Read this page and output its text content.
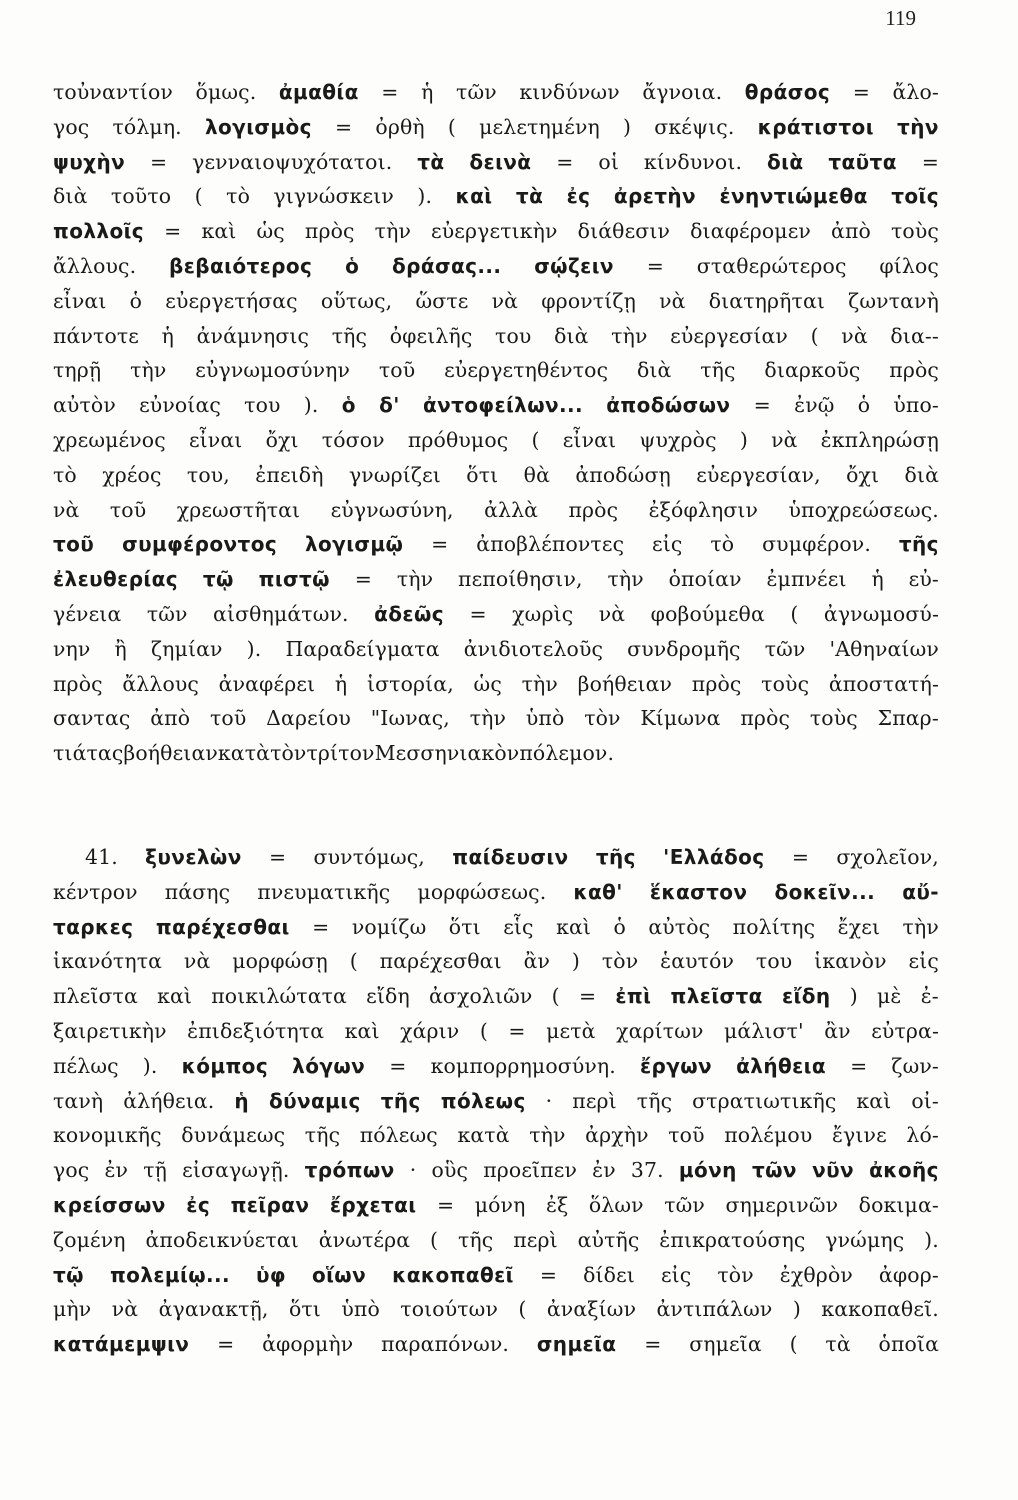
119
τοὐναντίον ὅμως. ἀμαθία = ἡ τῶν κινδύνων ἄγνοια. θράσος = ἄλο-
γος τόλμη. λογισμὸς = ὀρθὴ ( μελετημένη ) σκέψις. κράτιστοι τὴν
ψυχὴν = γενναιοψυχότατοι. τὰ δεινὰ = οἱ κίνδυνοι. διὰ ταῦτα =
διὰ τοῦτο ( τὸ γιγνώσκειν ). καὶ τὰ ἐς ἀρετὴν ἐνηντιώμεθα τοῖς
πολλοῖς = καὶ ὡς πρὸς τὴν εὐεργετικὴν διάθεσιν διαφέρομεν ἀπὸ τοὺς
ἄλλους. βεβαιότερος ὁ δράσας... σῴζειν = σταθερώτερος φίλος
εἶναι ὁ εὐεργετήσας οὕτως, ὥστε νὰ φροντίζῃ νὰ διατηρῆται ζωντανὴ
πάντοτε ἡ ἀνάμνησις τῆς ὀφειλῆς του διὰ τὴν εὐεργεσίαν ( νὰ δια--
τηρῇ τὴν εὐγνωμοσύνην τοῦ εὐεργετηθέντος διὰ τῆς διαρκοῦς πρὸς
αὐτὸν εὐνοίας του ). ὁ δ' ἀντοφείλων... ἀποδώσων = ἐνῷ ὁ ὑπο-
χρεωμένος εἶναι ὄχι τόσον πρόθυμος ( εἶναι ψυχρὸς ) νὰ ἐκπληρώσῃ
τὸ χρέος του, ἐπειδὴ γνωρίζει ὅτι θὰ ἀποδώσῃ εὐεργεσίαν, ὄχι διὰ
νὰ τοῦ χρεωστῆται εὐγνωσύνη, ἀλλὰ πρὸς ἐξόφλησιν ὑποχρεώσεως.
τοῦ συμφέροντος λογισμῷ = ἀποβλέποντες εἰς τὸ συμφέρον. τῆς
ἐλευθερίας τῷ πιστῷ = τὴν πεποίθησιν, τὴν ὁποίαν ἐμπνέει ἡ εὐ-
γένεια τῶν αἰσθημάτων. ἀδεῶς = χωρὶς νὰ φοβούμεθα ( ἀγνωμοσύ-
νην ἢ ζημίαν ). Παραδείγματα ἀνιδιοτελοῦς συνδρομῆς τῶν 'Αθηναίων
πρὸς ἄλλους ἀναφέρει ἡ ἱστορία, ὡς τὴν βοήθειαν πρὸς τοὺς ἀποστατή-
σαντας ἀπὸ τοῦ Δαρείου "Ιωνας, τὴν ὑπὸ τὸν Κίμωνα πρὸς τοὺς Σπαρ-
τιάτας βοήθειαν κατὰ τὸν τρίτον Μεσσηνιακὸν πόλεμον.
41. ξυνελὼν = συντόμως, παίδευσιν τῆς 'Ελλάδος = σχολεῖον,
κέντρον πάσης πνευματικῆς μορφώσεως. καθ' ἕκαστον δοκεῖν... αὔ-
ταρκες παρέχεσθαι = νομίζω ὅτι εἷς καὶ ὁ αὐτὸς πολίτης ἔχει τὴν
ἱκανότητα νὰ μορφώσῃ ( παρέχεσθαι ἂν ) τὸν ἑαυτόν του ἱκανὸν εἰς
πλεῖστα καὶ ποικιλώτατα εἴδη ἀσχολιῶν ( = ἐπὶ πλεῖστα εἴδη ) μὲ ἐ-
ξαιρετικὴν ἐπιδεξιότητα καὶ χάριν ( = μετὰ χαρίτων μάλιστ' ἂν εὐτρα-
πέλως ). κόμπος λόγων = κομπορρημοσύνη. ἔργων ἀλήθεια = ζων-
τανὴ ἀλήθεια. ἡ δύναμις τῆς πόλεως · περὶ τῆς στρατιωτικῆς καὶ οἰ-
κονομικῆς δυνάμεως τῆς πόλεως κατὰ τὴν ἀρχὴν τοῦ πολέμου ἔγινε λό-
γος ἐν τῇ εἰσαγωγῇ. τρόπων · οὓς προεῖπεν ἐν 37. μόνη τῶν νῦν ἀκοῆς
κρείσσων ἐς πεῖραν ἔρχεται = μόνη ἐξ ὅλων τῶν σημερινῶν δοκιμα-
ζομένη ἀποδεικνύεται ἀνωτέρα ( τῆς περὶ αὐτῆς ἐπικρατούσης γνώμης ).
τῷ πολεμίῳ... ὑφ οἵων κακοπαθεῖ = δίδει εἰς τὸν ἐχθρὸν ἀφορ-
μὴν νὰ ἀγανακτῇ, ὅτι ὑπὸ τοιούτων ( ἀναξίων ἀντιπάλων ) κακοπαθεῖ.
κατάμεμψιν = ἀφορμὴν παραπόνων. σημεῖα = σημεῖα ( τὰ ὁποῖα
